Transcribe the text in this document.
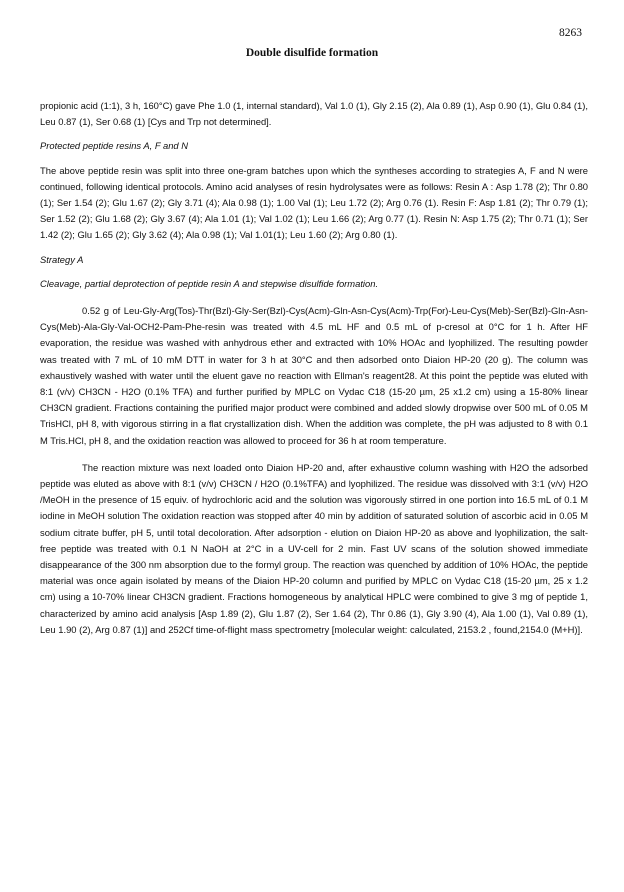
Double disulfide formation
8263

propionic acid (1:1), 3 h, 160°C) gave Phe 1.0 (1, internal standard), Val 1.0 (1), Gly 2.15 (2), Ala 0.89 (1), Asp 0.90 (1), Glu 0.84 (1), Leu 0.87 (1), Ser 0.68 (1) [Cys and Trp not determined].

Protected peptide resins A, F and N

The above peptide resin was split into three one-gram batches upon which the syntheses according to strategies A, F and N were continued, following identical protocols. Amino acid analyses of resin hydrolysates were as follows: Resin A : Asp 1.78 (2); Thr 0.80 (1); Ser 1.54 (2); Glu 1.67 (2); Gly 3.71 (4); Ala 0.98 (1); 1.00 Val (1); Leu 1.72 (2); Arg 0.76 (1). Resin F: Asp 1.81 (2); Thr 0.79 (1); Ser 1.52 (2); Glu 1.68 (2); Gly 3.67 (4); Ala 1.01 (1); Val 1.02 (1); Leu 1.66 (2); Arg 0.77 (1). Resin N: Asp 1.75 (2); Thr 0.71 (1); Ser 1.42 (2); Glu 1.65 (2); Gly 3.62 (4); Ala 0.98 (1); Val 1.01(1); Leu 1.60 (2); Arg 0.80 (1).

Strategy A

Cleavage, partial deprotection of peptide resin A and stepwise disulfide formation.

0.52 g of Leu-Gly-Arg(Tos)-Thr(Bzl)-Gly-Ser(Bzl)-Cys(Acm)-Gln-Asn-Cys(Acm)-Trp(For)-Leu-Cys(Meb)-Ser(Bzl)-Gln-Asn-Cys(Meb)-Ala-Gly-Val-OCH2-Pam-Phe-resin was treated with 4.5 mL HF and 0.5 mL of p-cresol at 0°C for 1 h. After HF evaporation, the residue was washed with anhydrous ether and extracted with 10% HOAc and lyophilized. The resulting powder was treated with 7 mL of 10 mM DTT in water for 3 h at 30°C and then adsorbed onto Diaion HP-20 (20 g). The column was exhaustively washed with water until the eluent gave no reaction with Ellman's reagent28. At this point the peptide was eluted with 8:1 (v/v) CH3CN - H2O (0.1% TFA) and further purified by MPLC on Vydac C18 (15-20 µm, 25 x1.2 cm) using a 15-80% linear CH3CN gradient. Fractions containing the purified major product were combined and added slowly dropwise over 500 mL of 0.05 M TrisHCl, pH 8, with vigorous stirring in a flat crystallization dish. When the addition was complete, the pH was adjusted to 8 with 0.1 M Tris.HCl, pH 8, and the oxidation reaction was allowed to proceed for 36 h at room temperature.

The reaction mixture was next loaded onto Diaion HP-20 and, after exhaustive column washing with H2O the adsorbed peptide was eluted as above with 8:1 (v/v) CH3CN / H2O (0.1%TFA) and lyophilized. The residue was dissolved with 3:1 (v/v) H2O /MeOH in the presence of 15 equiv. of hydrochloric acid and the solution was vigorously stirred in one portion into 16.5 mL of 0.1 M iodine in MeOH solution The oxidation reaction was stopped after 40 min by addition of saturated solution of ascorbic acid in 0.05 M sodium citrate buffer, pH 5, until total decoloration. After adsorption - elution on Diaion HP-20 as above and lyophilization, the salt-free peptide was treated with 0.1 N NaOH at 2°C in a UV-cell for 2 min. Fast UV scans of the solution showed immediate disappearance of the 300 nm absorption due to the formyl group. The reaction was quenched by addition of 10% HOAc, the peptide material was once again isolated by means of the Diaion HP-20 column and purified by MPLC on Vydac C18 (15-20 µm, 25 x 1.2 cm) using a 10-70% linear CH3CN gradient. Fractions homogeneous by analytical HPLC were combined to give 3 mg of peptide 1, characterized by amino acid analysis [Asp 1.89 (2), Glu 1.87 (2), Ser 1.64 (2), Thr 0.86 (1), Gly 3.90 (4), Ala 1.00 (1), Val 0.89 (1), Leu 1.90 (2), Arg 0.87 (1)] and 252Cf time-of-flight mass spectrometry [molecular weight: calculated, 2153.2 , found,2154.0 (M+H)].
